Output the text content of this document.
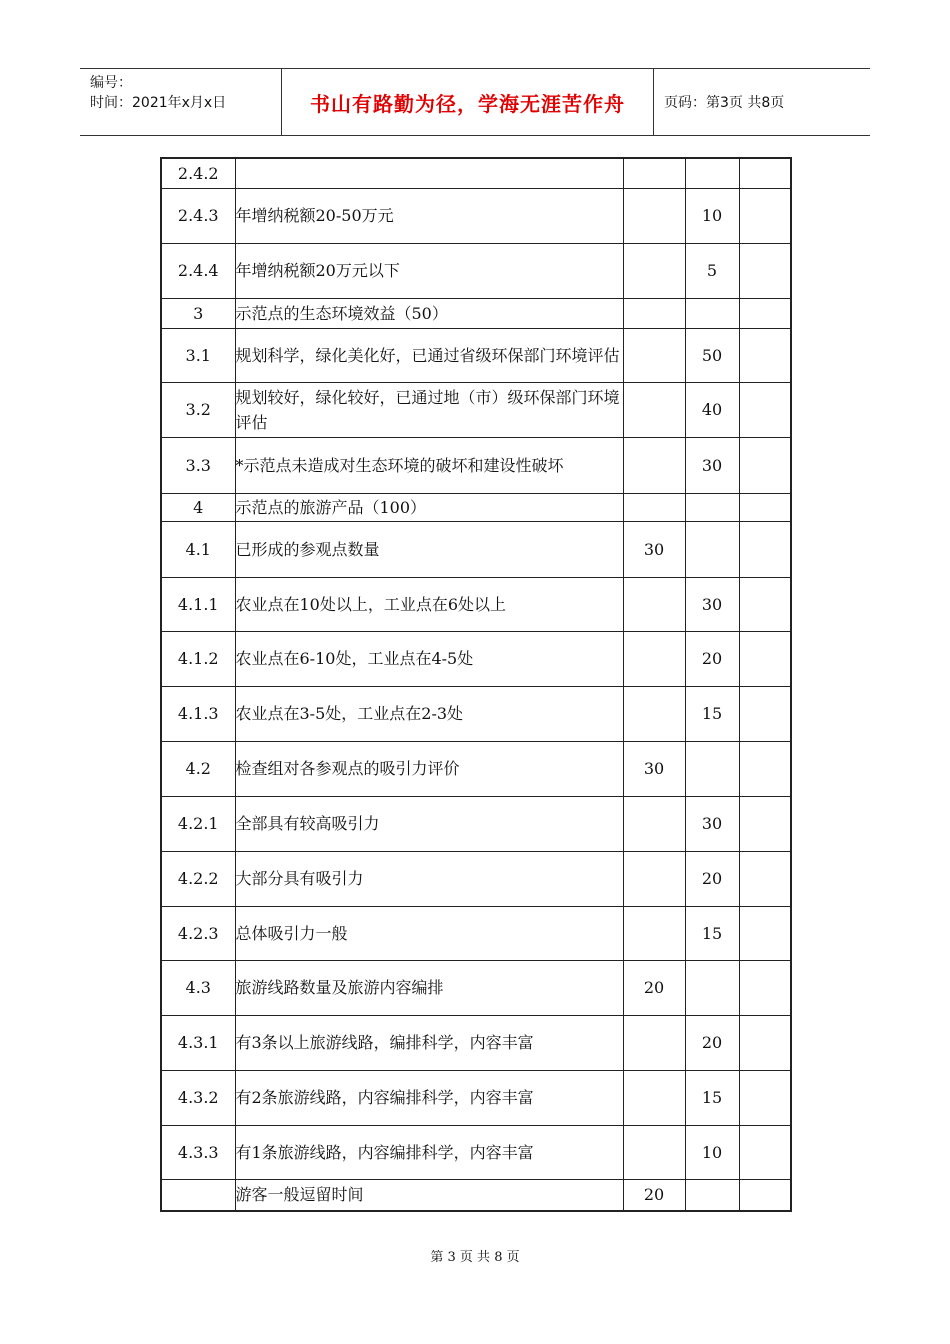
编号：
时间：2021年x月x日	书山有路勤为径，学海无涯苦作舟	页码：第3页 共8页
2.4.2				
2.4.3	年增纳税额20-50万元		10	
2.4.4	年增纳税额20万元以下		5	
3	示范点的生态环境效益（50）			
3.1	规划科学，绿化美化好，已通过省级环保部门环境评估		50	
3.2	规划较好，绿化较好，已通过地（市）级环保部门环境评估		40	
3.3	*示范点未造成对生态环境的破坏和建设性破坏		30	
4	示范点的旅游产品（100）			
4.1	已形成的参观点数量	30		
4.1.1	农业点在10处以上，工业点在6处以上		30	
4.1.2	农业点在6-10处，工业点在4-5处		20	
4.1.3	农业点在3-5处，工业点在2-3处		15	
4.2	检查组对各参观点的吸引力评价	30		
4.2.1	全部具有较高吸引力		30	
4.2.2	大部分具有吸引力		20	
4.2.3	总体吸引力一般		15	
4.3	旅游线路数量及旅游内容编排	20		
4.3.1	有3条以上旅游线路，编排科学，内容丰富		20	
4.3.2	有2条旅游线路，内容编排科学，内容丰富		15	
4.3.3	有1条旅游线路，内容编排科学，内容丰富		10	
	游客一般逗留时间	20		
第 3 页 共 8 页
